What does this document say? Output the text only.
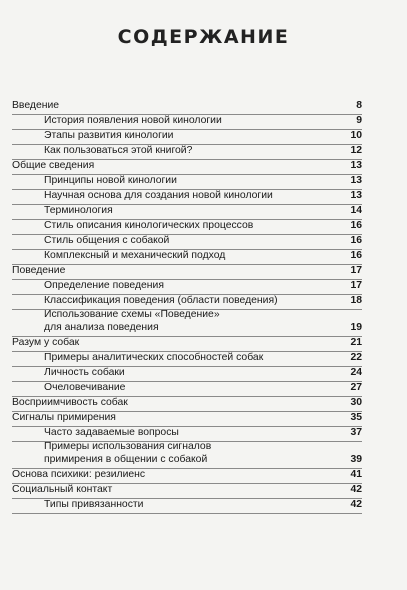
СОДЕРЖАНИЕ
Введение	8
История появления новой кинологии	9
Этапы развития кинологии	10
Как пользоваться этой книгой?	12
Общие сведения	13
Принципы новой кинологии	13
Научная основа для создания новой кинологии	13
Терминология	14
Стиль описания кинологических процессов	16
Стиль общения с собакой	16
Комплексный и механический подход	16
Поведение	17
Определение поведения	17
Классификация поведения (области поведения)	18
Использование схемы «Поведение»
для анализа поведения	19
Разум у собак	21
Примеры аналитических способностей собак	22
Личность собаки	24
Очеловечивание	27
Восприимчивость собак	30
Сигналы примирения	35
Часто задаваемые вопросы	37
Примеры использования сигналов
примирения в общении с собакой	39
Основа психики: резилиенс	41
Социальный контакт	42
Типы привязанности	42
